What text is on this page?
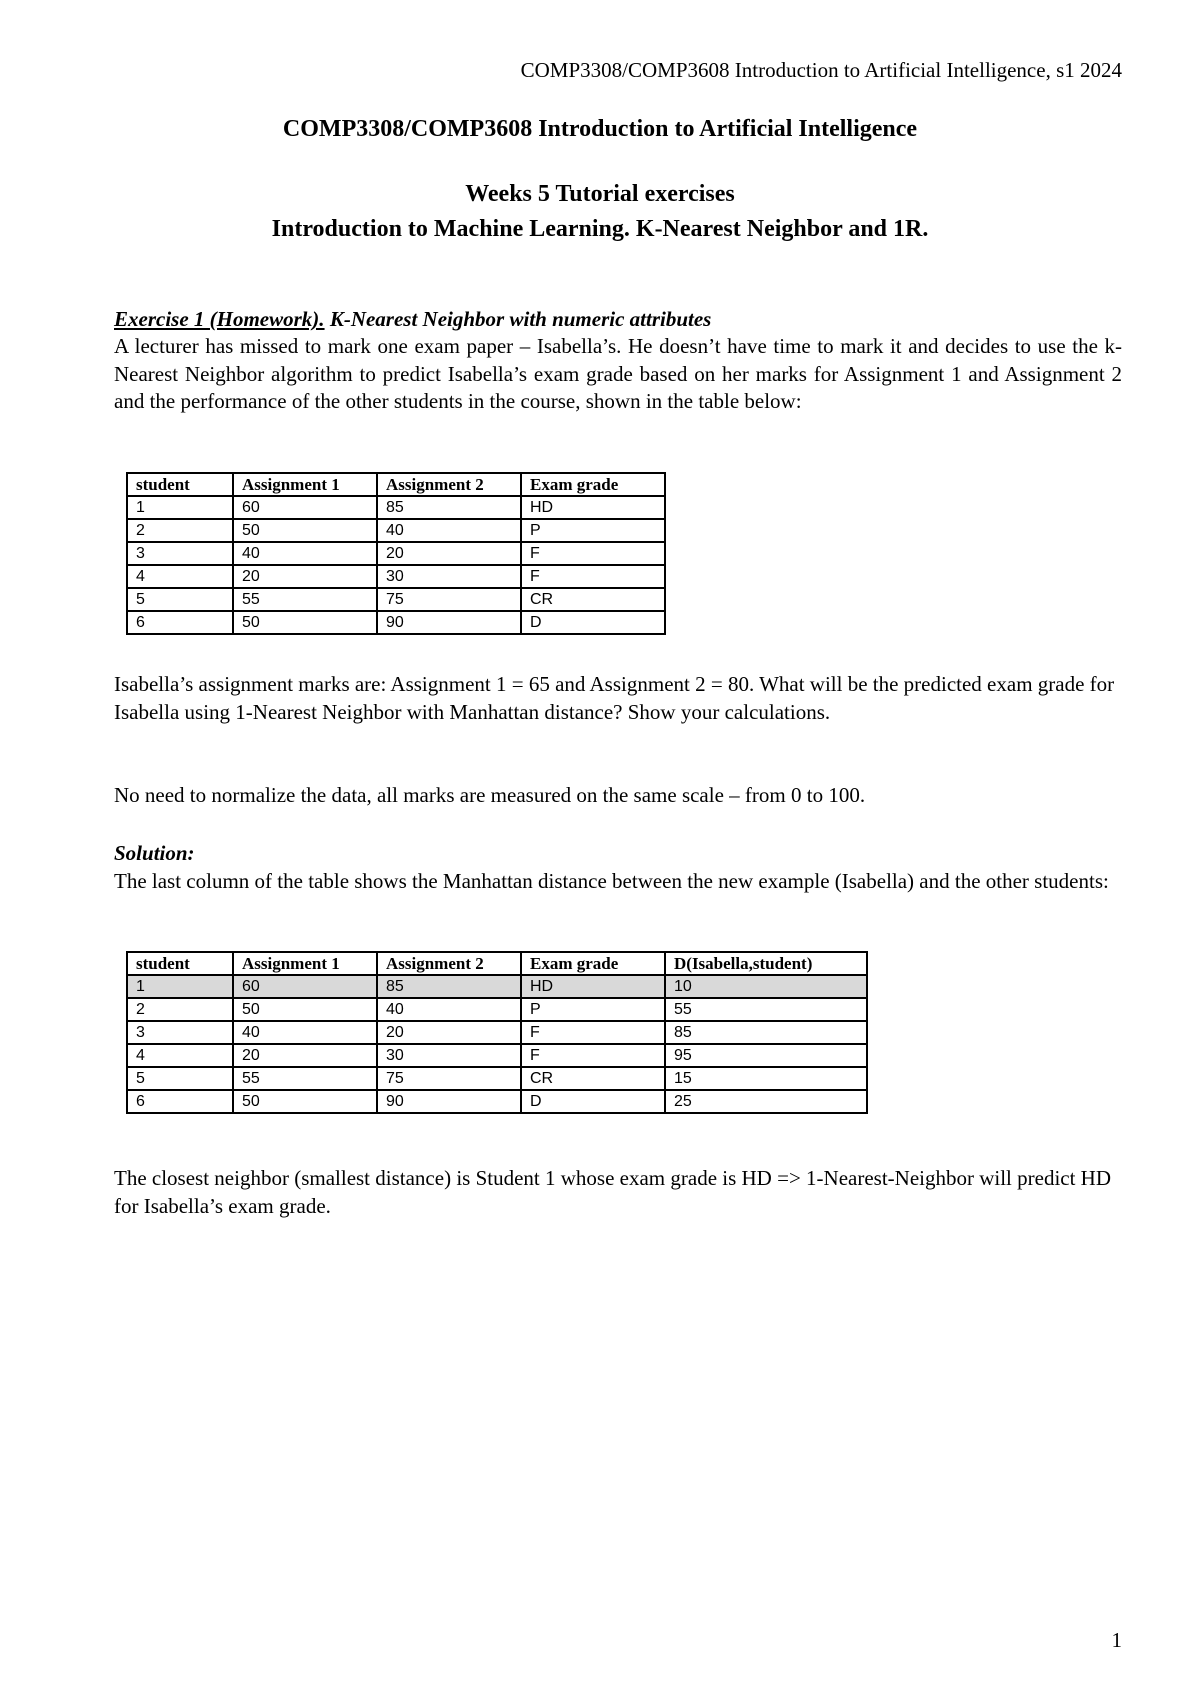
COMP3308/COMP3608 Introduction to Artificial Intelligence, s1 2024
COMP3308/COMP3608 Introduction to Artificial Intelligence
Weeks 5 Tutorial exercises
Introduction to Machine Learning. K-Nearest Neighbor and 1R.
Exercise 1 (Homework). K-Nearest Neighbor with numeric attributes
A lecturer has missed to mark one exam paper – Isabella’s. He doesn’t have time to mark it and decides to use the k-Nearest Neighbor algorithm to predict Isabella’s exam grade based on her marks for Assignment 1 and Assignment 2 and the performance of the other students in the course, shown in the table below:
student	Assignment 1	Assignment 2	Exam grade
1	60	85	HD
2	50	40	P
3	40	20	F
4	20	30	F
5	55	75	CR
6	50	90	D
Isabella’s assignment marks are: Assignment 1 = 65 and Assignment 2 = 80. What will be the predicted exam grade for Isabella using 1-Nearest Neighbor with Manhattan distance? Show your calculations.
No need to normalize the data, all marks are measured on the same scale – from 0 to 100.
Solution:
The last column of the table shows the Manhattan distance between the new example (Isabella) and the other students:
student	Assignment 1	Assignment 2	Exam grade	D(Isabella,student)
1	60	85	HD	10
2	50	40	P	55
3	40	20	F	85
4	20	30	F	95
5	55	75	CR	15
6	50	90	D	25
The closest neighbor (smallest distance) is Student 1 whose exam grade is HD => 1-Nearest-Neighbor will predict HD for Isabella’s exam grade.
1
